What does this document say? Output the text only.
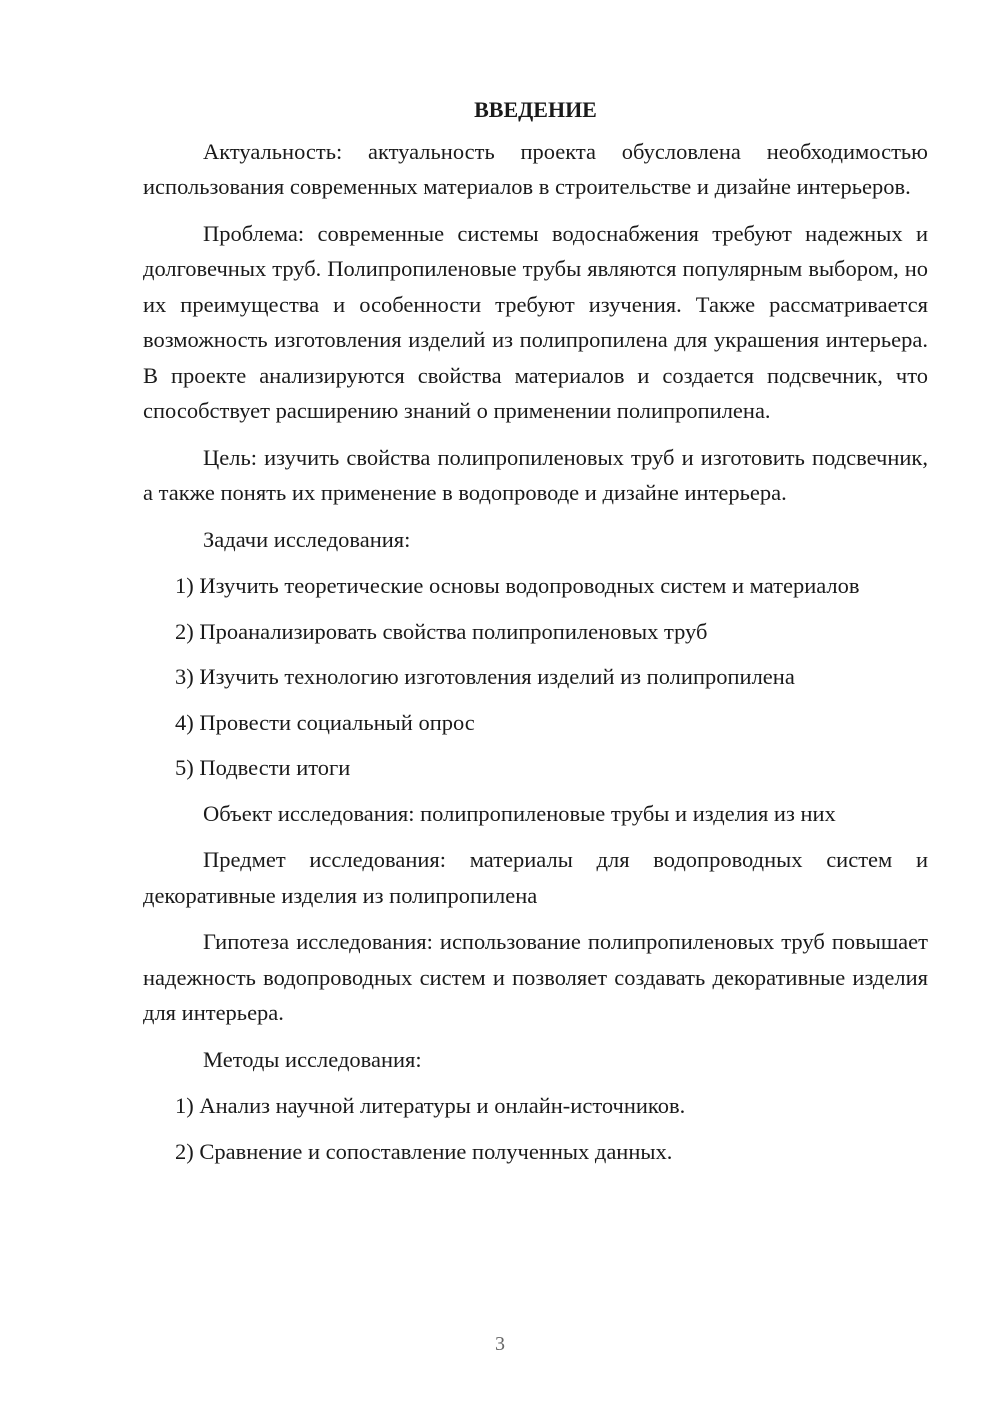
ВВЕДЕНИЕ

Актуальность: актуальность проекта обусловлена необходимостью использования современных материалов в строительстве и дизайне интерьеров.

Проблема: современные системы водоснабжения требуют надежных и долговечных труб. Полипропиленовые трубы являются популярным выбором, но их преимущества и особенности требуют изучения. Также рассматривается возможность изготовления изделий из полипропилена для украшения интерьера. В проекте анализируются свойства материалов и создается подсвечник, что способствует расширению знаний о применении полипропилена.

Цель: изучить свойства полипропиленовых труб и изготовить подсвечник, а также понять их применение в водопроводе и дизайне интерьера.

Задачи исследования:

1) Изучить теоретические основы водопроводных систем и материалов

2) Проанализировать свойства полипропиленовых труб

3) Изучить технологию изготовления изделий из полипропилена

4) Провести социальный опрос

5) Подвести итоги

Объект исследования: полипропиленовые трубы и изделия из них

Предмет исследования: материалы для водопроводных систем и декоративные изделия из полипропилена

Гипотеза исследования: использование полипропиленовых труб повышает надежность водопроводных систем и позволяет создавать декоративные изделия для интерьера.

Методы исследования:

1) Анализ научной литературы и онлайн-источников.

2) Сравнение и сопоставление полученных данных.

3
